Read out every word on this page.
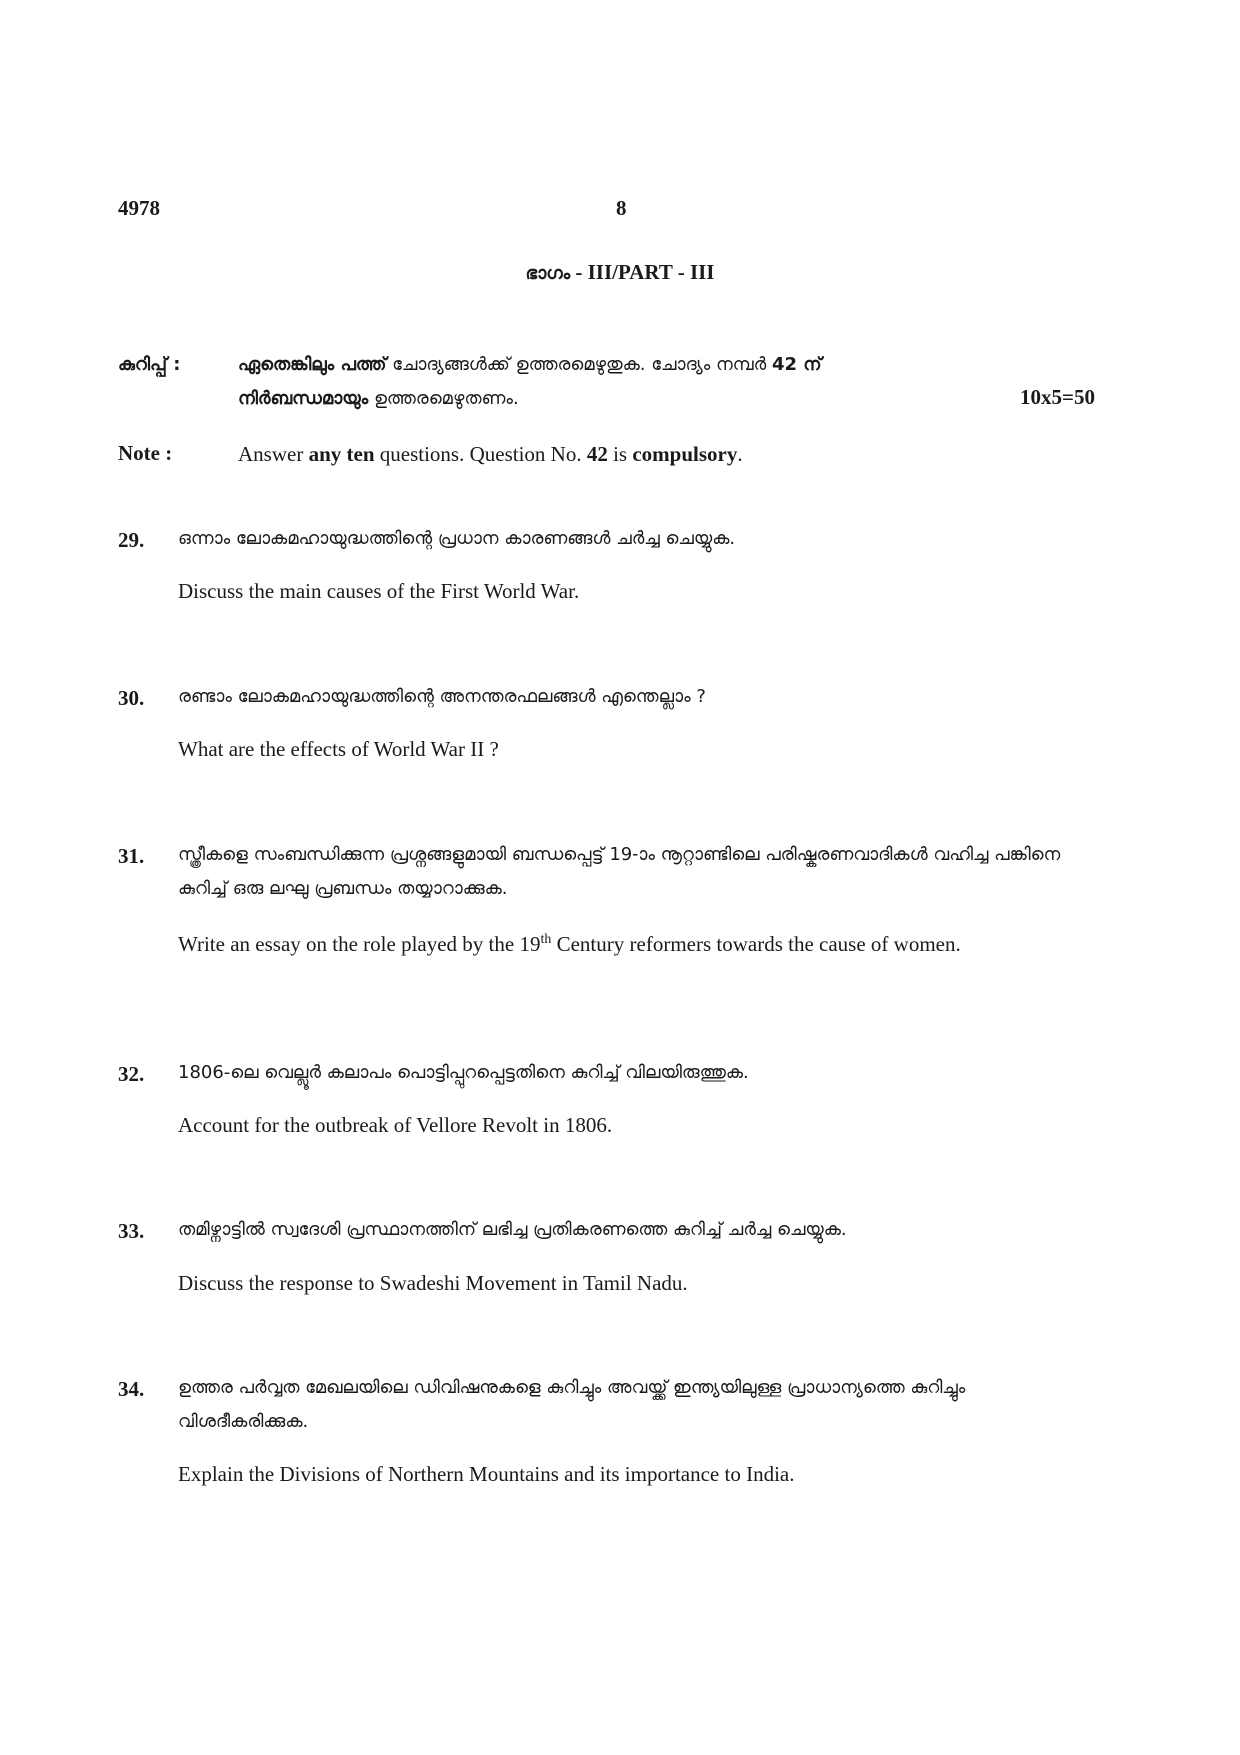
4978	8
ഭാഗം - III/PART - III
കുറിപ്പ് :	ഏതെങ്കിലും പത്ത് ചോദ്യങ്ങൾക്ക് ഉത്തരമെഴുതുക. ചോദ്യം നമ്പർ 42 ന്
നിർബന്ധമായും ഉത്തരമെഴുതണം.	10x5=50
Note :	Answer any ten questions. Question No. 42 is compulsory.
29. ഒന്നാം ലോകമഹായുദ്ധത്തിന്റെ പ്രധാന കാരണങ്ങൾ ചർച്ച ചെയ്യുക.
Discuss the main causes of the First World War.
30. രണ്ടാം ലോകമഹായുദ്ധത്തിന്റെ അനന്തരഫലങ്ങൾ എന്തെല്ലാം ?
What are the effects of World War II ?
31. സ്ത്രീകളെ സംബന്ധിക്കുന്ന പ്രശ്നങ്ങളുമായി ബന്ധപ്പെട്ട് 19-ാം നൂറ്റാണ്ടിലെ പരിഷ്കരണവാദികൾ വഹിച്ച പങ്കിനെ കുറിച്ച് ഒരു ലഘു പ്രബന്ധം തയ്യാറാക്കുക.
Write an essay on the role played by the 19th Century reformers towards the cause of women.
32. 1806-ലെ വെല്ലൂർ കലാപം പൊട്ടിപ്പുറപ്പെട്ടതിനെ കുറിച്ച് വിലയിരുത്തുക.
Account for the outbreak of Vellore Revolt in 1806.
33. തമിഴ്നാട്ടിൽ സ്വദേശി പ്രസ്ഥാനത്തിന് ലഭിച്ച പ്രതികരണത്തെ കുറിച്ച് ചർച്ച ചെയ്യുക.
Discuss the response to Swadeshi Movement in Tamil Nadu.
34. ഉത്തര പർവ്വത മേഖലയിലെ ഡിവിഷനുകളെ കുറിച്ചും അവയ്ക്ക് ഇന്ത്യയിലുള്ള പ്രാധാന്യത്തെ കുറിച്ചും വിശദീകരിക്കുക.
Explain the Divisions of Northern Mountains and its importance to India.
